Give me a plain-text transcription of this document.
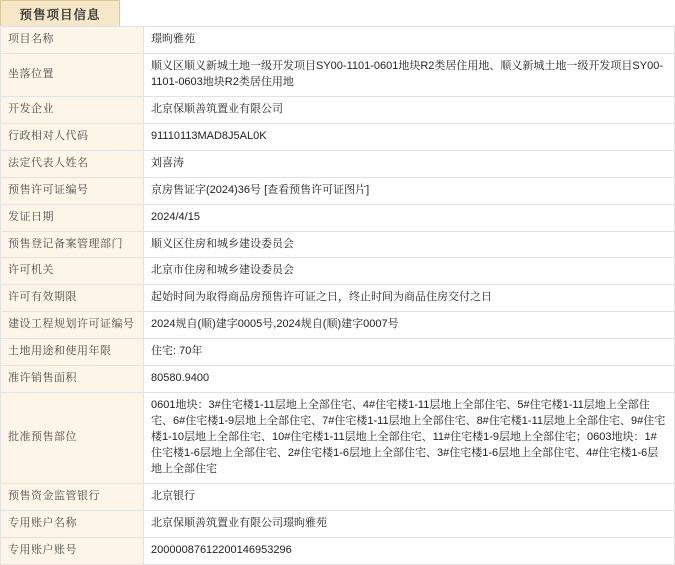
预售项目信息
项目名称	璟昫雅苑
坐落位置	顺义区顺义新城土地一级开发项目SY00-1101-0601地块R2类居住用地、顺义新城土地一级开发项目SY00-1101-0603地块R2类居住用地
开发企业	北京保顺善筑置业有限公司
行政相对人代码	91110113MAD8J5AL0K
法定代表人姓名	刘喜涛
预售许可证编号	京房售证字(2024)36号 [查看预售许可证图片]
发证日期	2024/4/15
预售登记备案管理部门	顺义区住房和城乡建设委员会
许可机关	北京市住房和城乡建设委员会
许可有效期限	起始时间为取得商品房预售许可证之日，终止时间为商品住房交付之日
建设工程规划许可证编号	2024规自(顺)建字0005号,2024规自(顺)建字0007号
土地用途和使用年限	住宅: 70年
准许销售面积	80580.9400
批准预售部位	0601地块：3#住宅楼1-11层地上全部住宅、4#住宅楼1-11层地上全部住宅、5#住宅楼1-11层地上全部住宅、6#住宅楼1-9层地上全部住宅、7#住宅楼1-11层地上全部住宅、8#住宅楼1-11层地上全部住宅、9#住宅楼1-10层地上全部住宅、10#住宅楼1-11层地上全部住宅、11#住宅楼1-9层地上全部住宅；0603地块：1#住宅楼1-6层地上全部住宅、2#住宅楼1-6层地上全部住宅、3#住宅楼1-6层地上全部住宅、4#住宅楼1-6层地上全部住宅
预售资金监管银行	北京银行
专用账户名称	北京保顺善筑置业有限公司璟昫雅苑
专用账户账号	20000087612200146953296
